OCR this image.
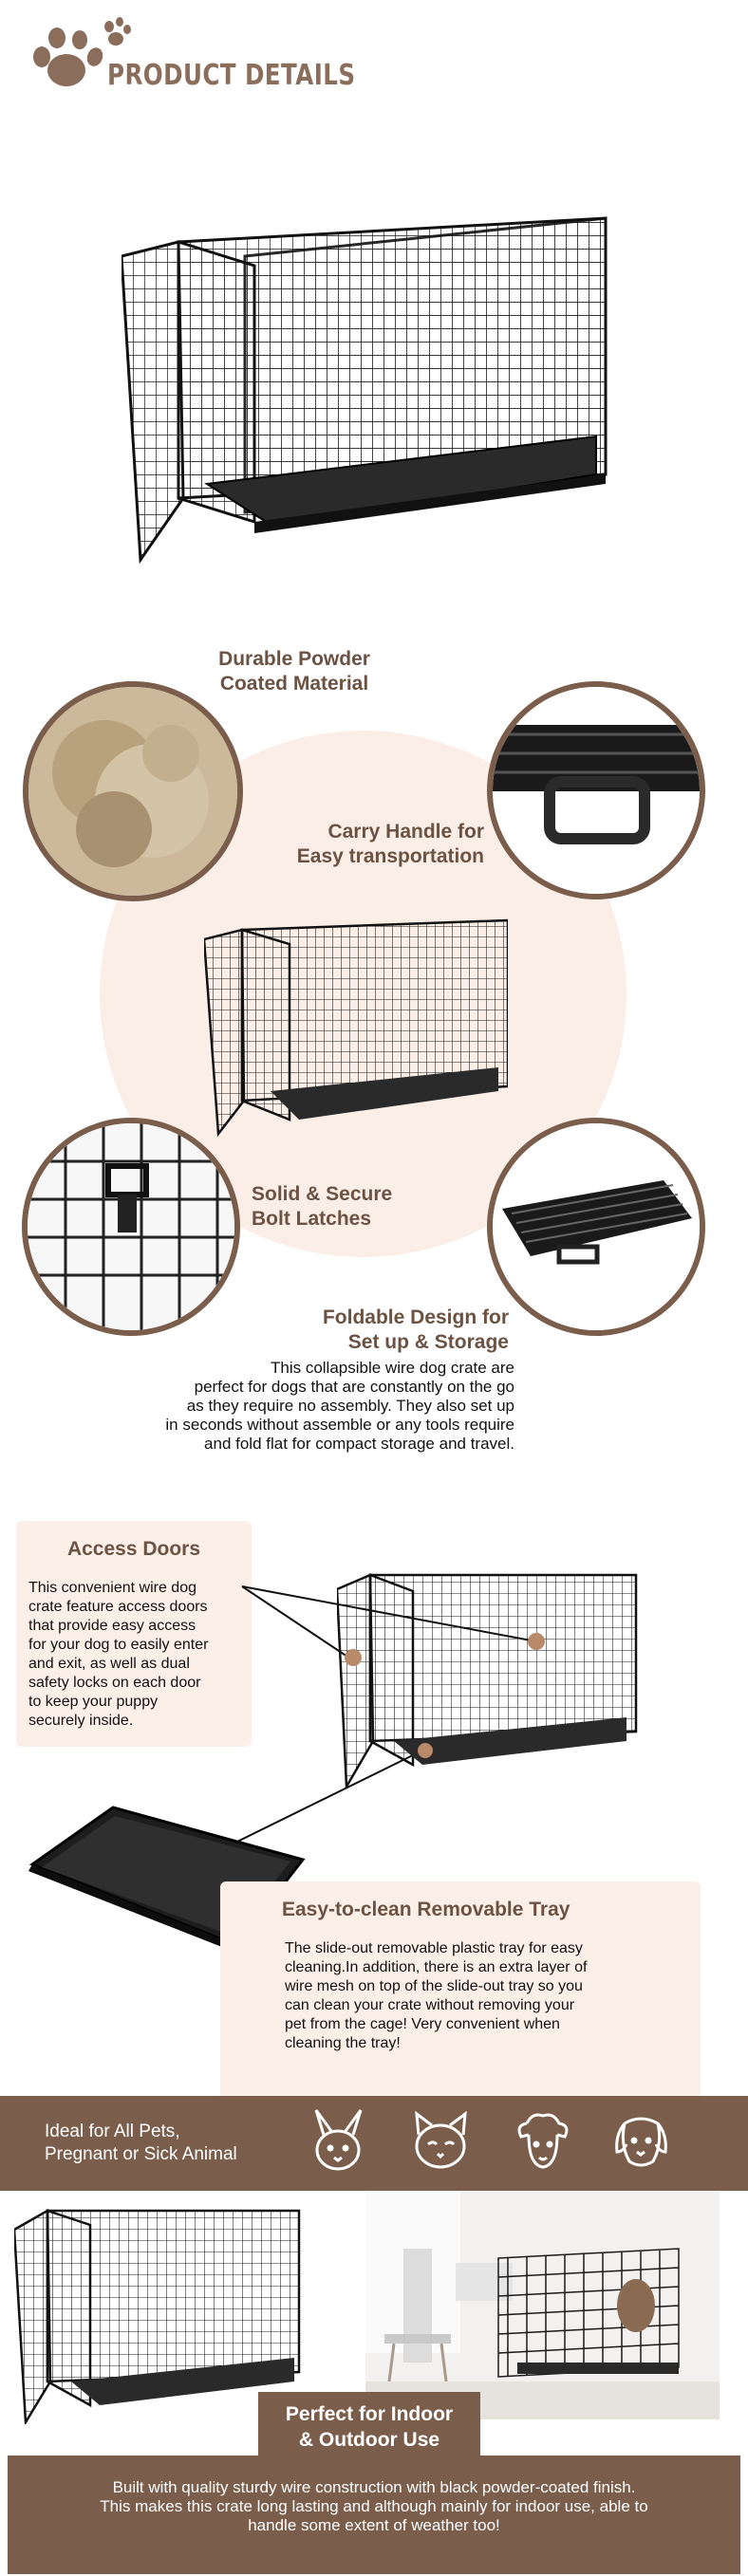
PRODUCT DETAILS
Durable Powder
Coated Material
Carry Handle for
Easy transportation
Solid & Secure
Bolt Latches
Foldable Design for
Set up & Storage
This collapsible wire dog crate are
perfect for dogs that are constantly on the go
as they require no assembly. They also set up
in seconds without assemble or any tools require
and fold flat for compact storage and travel.
Access Doors
This convenient wire dog
crate feature access doors
that provide easy access
for your dog to easily enter
and exit, as well as dual
safety locks on each door
to keep your puppy
securely inside.
Easy-to-clean Removable Tray
The slide-out removable plastic tray for easy
cleaning.In addition, there is an extra layer of
wire mesh on top of the slide-out tray so you
can clean your crate without removing your
pet from the cage! Very convenient when
cleaning the tray!
Ideal for All Pets,
Pregnant or Sick Animal
Perfect for Indoor
& Outdoor Use
Built with quality sturdy wire construction with black powder-coated finish.
This makes this crate long lasting and although mainly for indoor use, able to
handle some extent of weather too!
